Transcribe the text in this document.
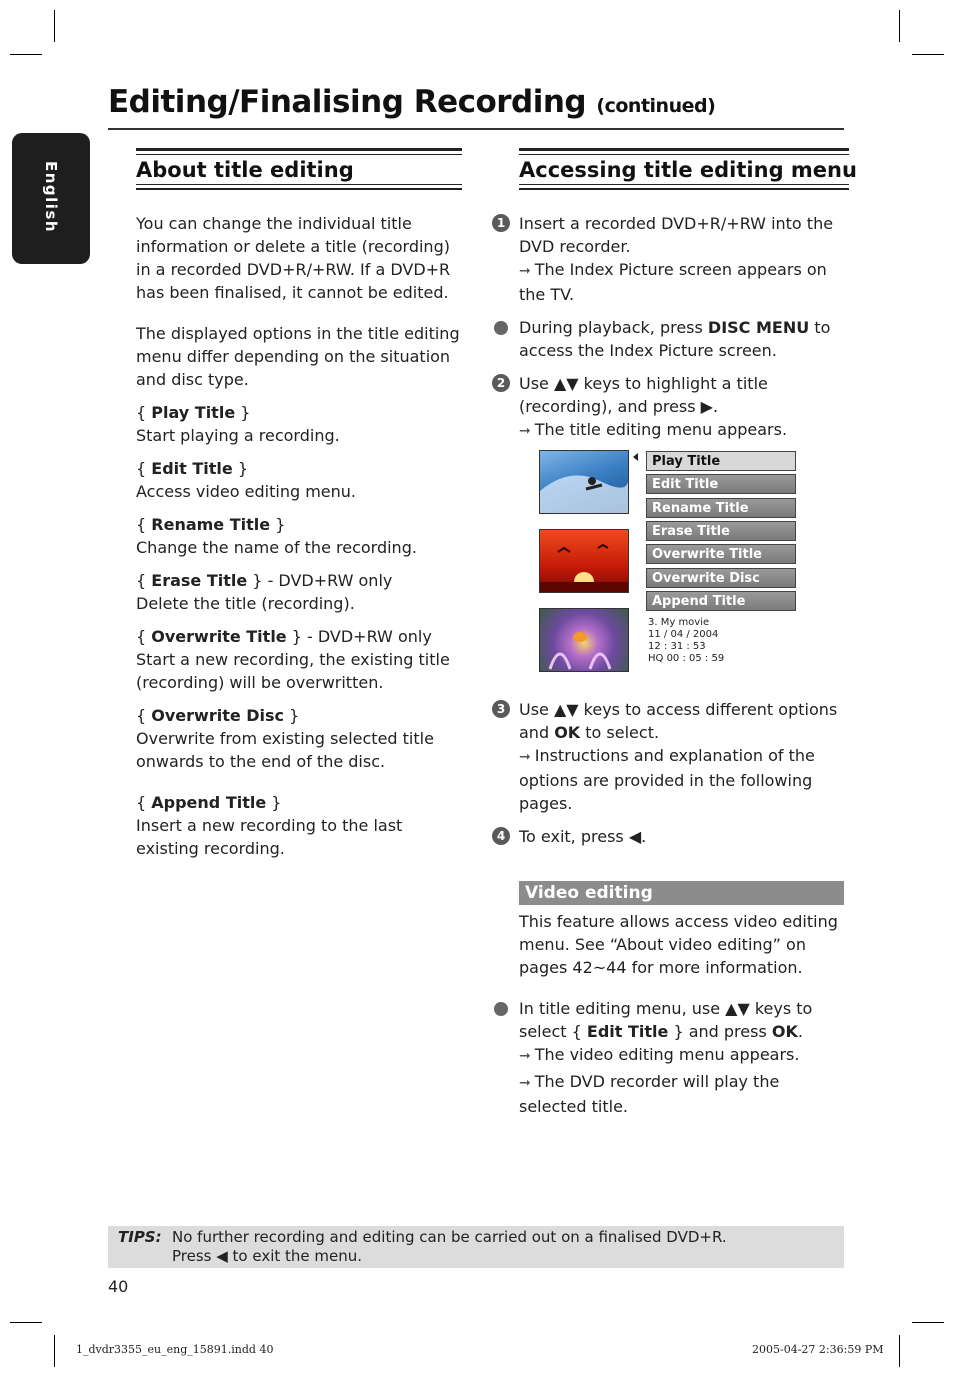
English
Editing/Finalising Recording (continued)
About title editing

You can change the individual title information or delete a title (recording) in a recorded DVD+R/+RW. If a DVD+R has been finalised, it cannot be edited.

The displayed options in the title editing menu differ depending on the situation and disc type.

{ Play Title }

Start playing a recording.

{ Edit Title }

Access video editing menu.

{ Rename Title }

Change the name of the recording.

{ Erase Title } - DVD+RW only

Delete the title (recording).

{ Overwrite Title } - DVD+RW only

Start a new recording, the existing title (recording) will be overwritten.

{ Overwrite Disc }

Overwrite from existing selected title onwards to the end of the disc.

{ Append Title }

Insert a new recording to the last existing recording.

Accessing title editing menu
1 Insert a recorded DVD+R/+RW into the DVD recorder.

➞ The Index Picture screen appears on the TV.

During playback, press DISC MENU to access the Index Picture screen.

2 Use ▲▼ keys to highlight a title (recording), and press ▶.

➞ The title editing menu appears.

Play Title
Edit Title
Rename Title
Erase Title
Overwrite Title
Overwrite Disc
Append Title
3. My movie
11 / 04 / 2004
12 : 31 : 53
HQ 00 : 05 : 59
3 Use ▲▼ keys to access different options and OK to select.

➞ Instructions and explanation of the options are provided in the following pages.

4 To exit, press ◀.

Video editing

This feature allows access video editing menu. See “About video editing” on pages 42~44 for more information.

In title editing menu, use ▲▼ keys to select { Edit Title } and press OK.

➞ The video editing menu appears.

➞ The DVD recorder will play the selected title.

TIPS: No further recording and editing can be carried out on a finalised DVD+R.
Press ◀ to exit the menu.
40
1_dvdr3355_eu_eng_15891.indd 40	2005-04-27 2:36:59 PM
